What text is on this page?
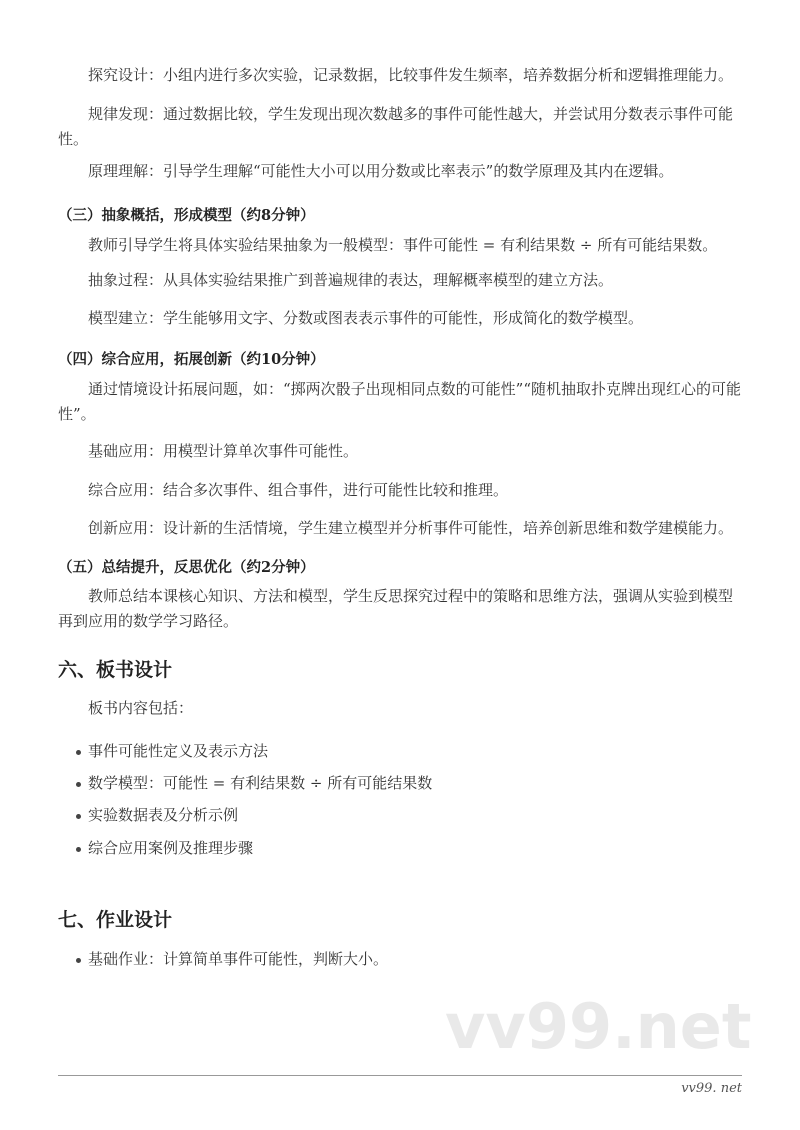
vv99.net
探究设计：小组内进行多次实验，记录数据，比较事件发生频率，培养数据分析和逻辑推理能力。
规律发现：通过数据比较，学生发现出现次数越多的事件可能性越大，并尝试用分数表示事件可能性。
原理理解：引导学生理解“可能性大小可以用分数或比率表示”的数学原理及其内在逻辑。
（三）抽象概括，形成模型（约8分钟）
教师引导学生将具体实验结果抽象为一般模型：事件可能性 = 有利结果数 ÷ 所有可能结果数。
抽象过程：从具体实验结果推广到普遍规律的表达，理解概率模型的建立方法。
模型建立：学生能够用文字、分数或图表表示事件的可能性，形成简化的数学模型。
（四）综合应用，拓展创新（约10分钟）
通过情境设计拓展问题，如：“掷两次骰子出现相同点数的可能性”“随机抽取扑克牌出现红心的可能性”。
基础应用：用模型计算单次事件可能性。
综合应用：结合多次事件、组合事件，进行可能性比较和推理。
创新应用：设计新的生活情境，学生建立模型并分析事件可能性，培养创新思维和数学建模能力。
（五）总结提升，反思优化（约2分钟）
教师总结本课核心知识、方法和模型，学生反思探究过程中的策略和思维方法，强调从实验到模型再到应用的数学学习路径。
六、板书设计
板书内容包括：
事件可能性定义及表示方法
数学模型：可能性 = 有利结果数 ÷ 所有可能结果数
实验数据表及分析示例
综合应用案例及推理步骤
七、作业设计
基础作业：计算简单事件可能性，判断大小。
vv99. net
